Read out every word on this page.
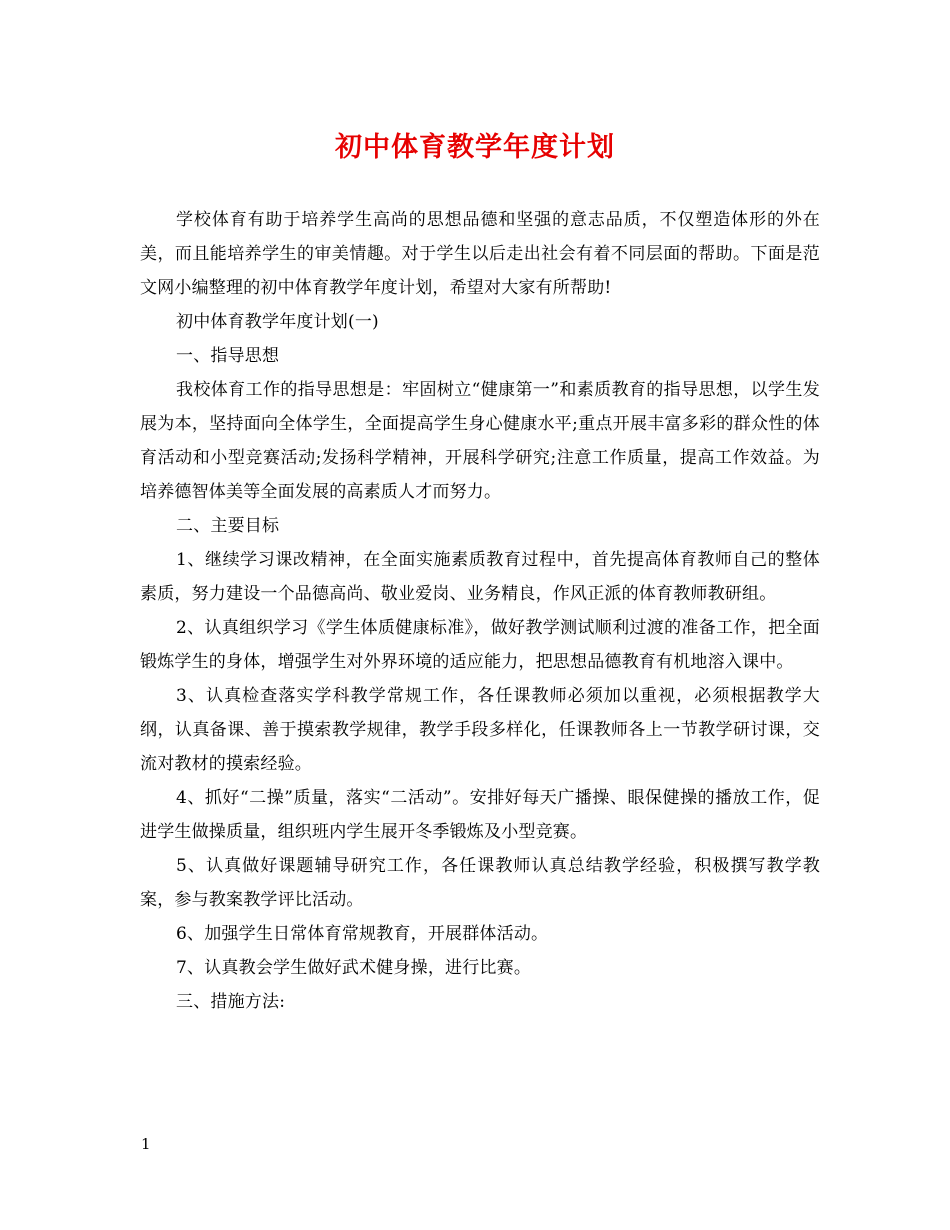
初中体育教学年度计划

学校体育有助于培养学生高尚的思想品德和坚强的意志品质，不仅塑造体形的外在美，而且能培养学生的审美情趣。对于学生以后走出社会有着不同层面的帮助。下面是范文网小编整理的初中体育教学年度计划，希望对大家有所帮助!

初中体育教学年度计划(一)

一、指导思想

我校体育工作的指导思想是：牢固树立“健康第一”和素质教育的指导思想，以学生发展为本，坚持面向全体学生，全面提高学生身心健康水平;重点开展丰富多彩的群众性的体育活动和小型竞赛活动;发扬科学精神，开展科学研究;注意工作质量，提高工作效益。为培养德智体美等全面发展的高素质人才而努力。

二、主要目标

1、继续学习课改精神，在全面实施素质教育过程中，首先提高体育教师自己的整体素质，努力建设一个品德高尚、敬业爱岗、业务精良，作风正派的体育教师教研组。

2、认真组织学习《学生体质健康标准》，做好教学测试顺利过渡的准备工作，把全面锻炼学生的身体，增强学生对外界环境的适应能力，把思想品德教育有机地溶入课中。

3、认真检查落实学科教学常规工作，各任课教师必须加以重视，必须根据教学大纲，认真备课、善于摸索教学规律，教学手段多样化，任课教师各上一节教学研讨课，交流对教材的摸索经验。

4、抓好“二操”质量，落实“二活动”。安排好每天广播操、眼保健操的播放工作，促进学生做操质量，组织班内学生展开冬季锻炼及小型竞赛。

5、认真做好课题辅导研究工作，各任课教师认真总结教学经验，积极撰写教学教案，参与教案教学评比活动。

6、加强学生日常体育常规教育，开展群体活动。

7、认真教会学生做好武术健身操，进行比赛。

三、措施方法:

1
